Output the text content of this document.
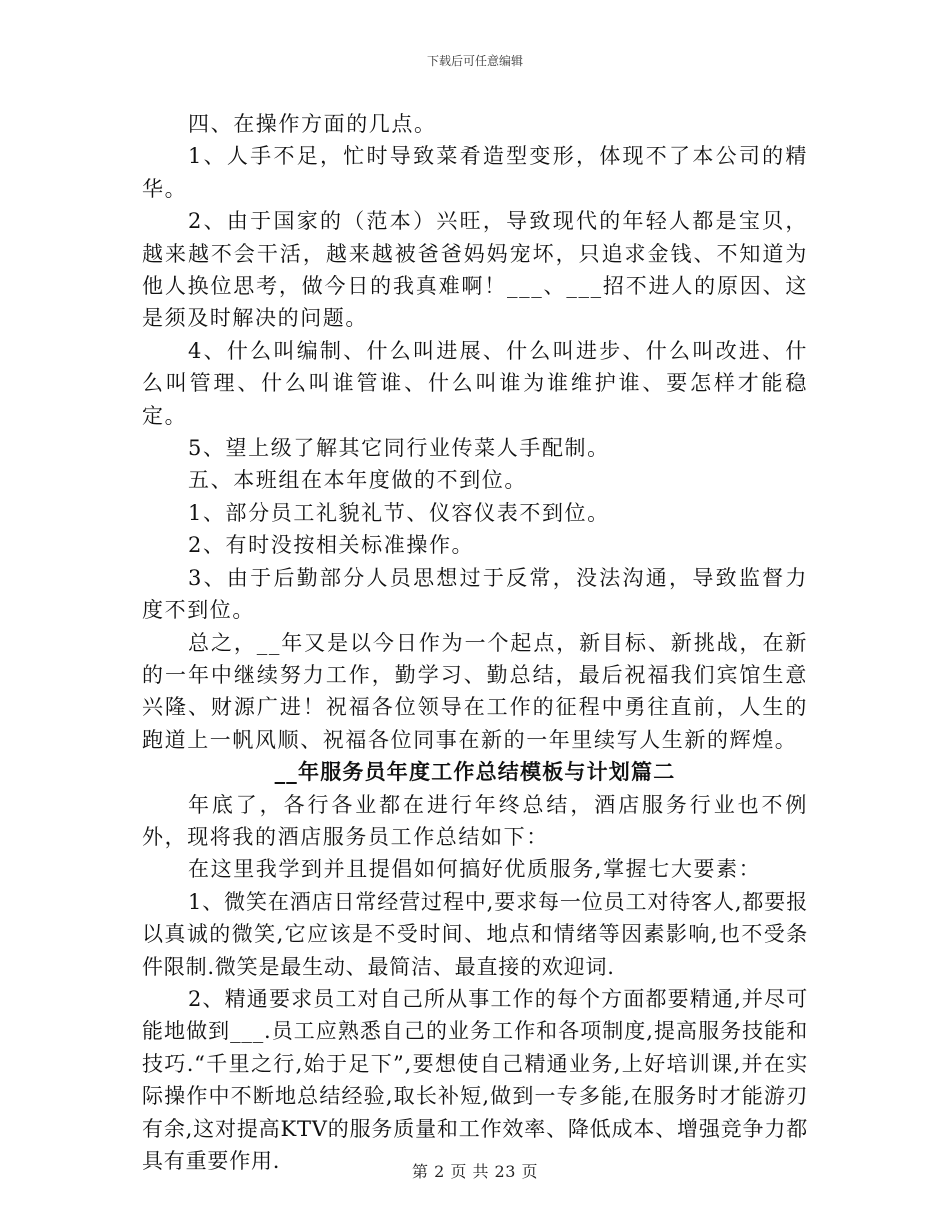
下载后可任意编辑

四、在操作方面的几点。

1、人手不足，忙时导致菜肴造型变形，体现不了本公司的精华。

2、由于国家的（范本）兴旺，导致现代的年轻人都是宝贝，越来越不会干活，越来越被爸爸妈妈宠坏，只追求金钱、不知道为他人换位思考，做今日的我真难啊！___、___招不进人的原因、这是须及时解决的问题。

4、什么叫编制、什么叫进展、什么叫进步、什么叫改进、什么叫管理、什么叫谁管谁、什么叫谁为谁维护谁、要怎样才能稳定。

5、望上级了解其它同行业传菜人手配制。

五、本班组在本年度做的不到位。

1、部分员工礼貌礼节、仪容仪表不到位。

2、有时没按相关标准操作。

3、由于后勤部分人员思想过于反常，没法沟通，导致监督力度不到位。

总之，__年又是以今日作为一个起点，新目标、新挑战，在新的一年中继续努力工作，勤学习、勤总结，最后祝福我们宾馆生意兴隆、财源广进！祝福各位领导在工作的征程中勇往直前，人生的跑道上一帆风顺、祝福各位同事在新的一年里续写人生新的辉煌。

__年服务员年度工作总结模板与计划篇二

年底了，各行各业都在进行年终总结，酒店服务行业也不例外，现将我的酒店服务员工作总结如下：

在这里我学到并且提倡如何搞好优质服务,掌握七大要素：

1、微笑在酒店日常经营过程中,要求每一位员工对待客人,都要报以真诚的微笑,它应该是不受时间、地点和情绪等因素影响,也不受条件限制.微笑是最生动、最简洁、最直接的欢迎词.

2、精通要求员工对自己所从事工作的每个方面都要精通,并尽可能地做到___.员工应熟悉自己的业务工作和各项制度,提高服务技能和技巧.“千里之行,始于足下”,要想使自己精通业务,上好培训课,并在实际操作中不断地总结经验,取长补短,做到一专多能,在服务时才能游刃有余,这对提高KTV的服务质量和工作效率、降低成本、增强竞争力都具有重要作用.	第 2 页 共 23 页
